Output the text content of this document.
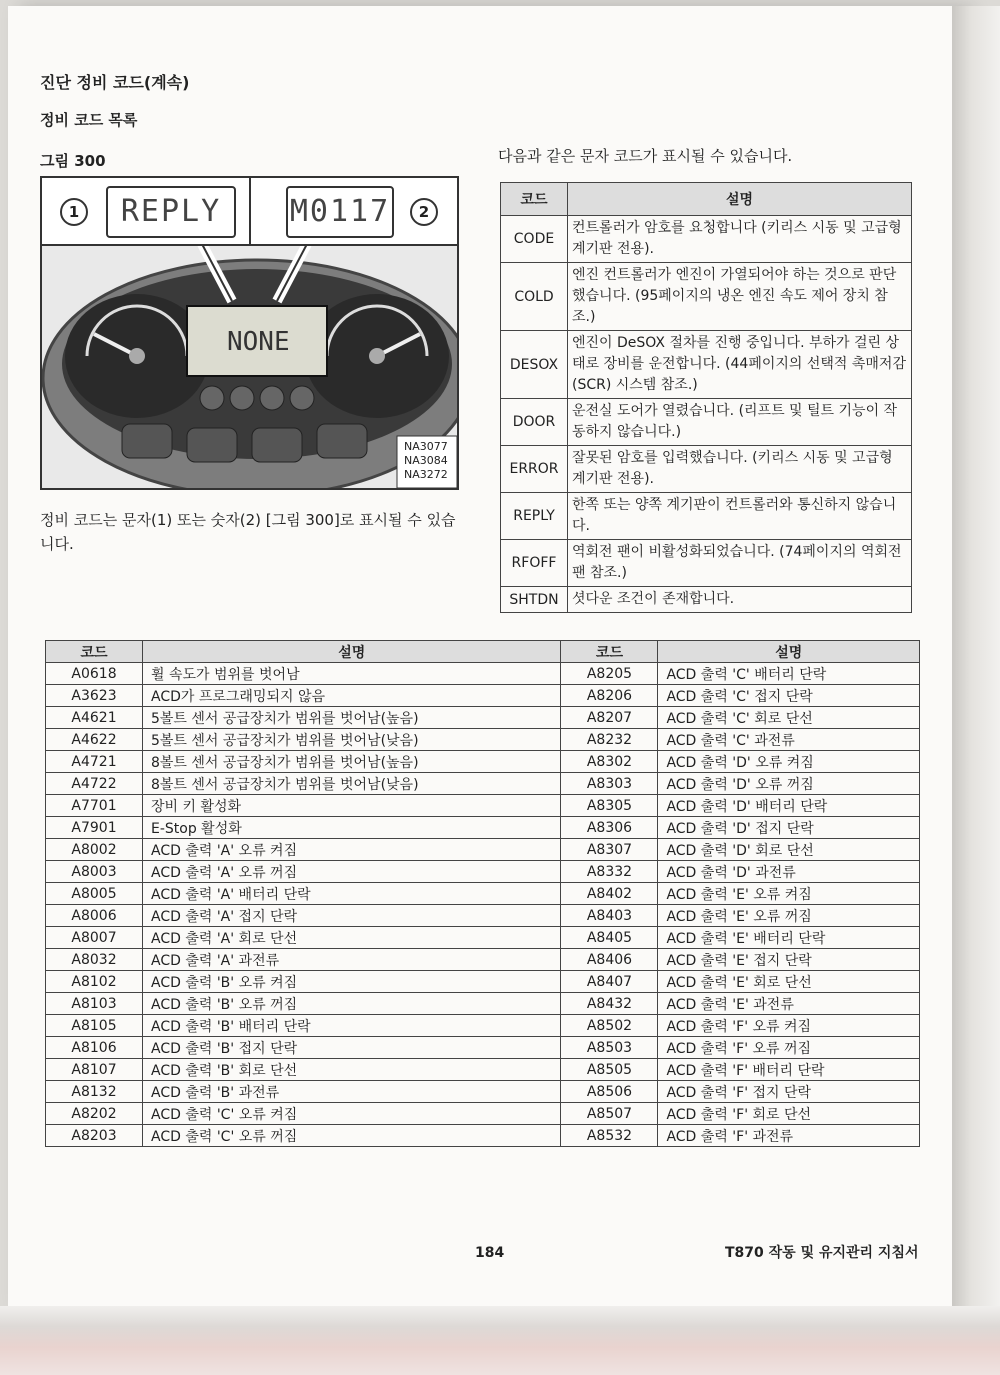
진단 정비 코드(계속)
정비 코드 목록
그림 300
1	REPLY	M0117	2
NONE
NA3077
NA3084
NA3272
다음과 같은 문자 코드가 표시될 수 있습니다.
정비 코드는 문자(1) 또는 숫자(2) [그림 300]로 표시될 수 있습니다.
코드	설명
CODE	컨트롤러가 암호를 요청합니다 (키리스 시동 및 고급형 계기판 전용).
COLD	엔진 컨트롤러가 엔진이 가열되어야 하는 것으로 판단했습니다. (95페이지의 냉온 엔진 속도 제어 장치 참조.)
DESOX	엔진이 DeSOX 절차를 진행 중입니다. 부하가 걸린 상태로 장비를 운전합니다. (44페이지의 선택적 촉매저감(SCR) 시스템 참조.)
DOOR	운전실 도어가 열렸습니다. (리프트 및 틸트 기능이 작동하지 않습니다.)
ERROR	잘못된 암호를 입력했습니다. (키리스 시동 및 고급형 계기판 전용).
REPLY	한쪽 또는 양쪽 계기판이 컨트롤러와 통신하지 않습니다.
RFOFF	역회전 팬이 비활성화되었습니다. (74페이지의 역회전 팬 참조.)
SHTDN	셧다운 조건이 존재합니다.
코드	설명	코드	설명
A0618	휠 속도가 범위를 벗어남	A8205	ACD 출력 'C' 배터리 단락
A3623	ACD가 프로그래밍되지 않음	A8206	ACD 출력 'C' 접지 단락
A4621	5볼트 센서 공급장치가 범위를 벗어남(높음)	A8207	ACD 출력 'C' 회로 단선
A4622	5볼트 센서 공급장치가 범위를 벗어남(낮음)	A8232	ACD 출력 'C' 과전류
A4721	8볼트 센서 공급장치가 범위를 벗어남(높음)	A8302	ACD 출력 'D' 오류 켜짐
A4722	8볼트 센서 공급장치가 범위를 벗어남(낮음)	A8303	ACD 출력 'D' 오류 꺼짐
A7701	장비 키 활성화	A8305	ACD 출력 'D' 배터리 단락
A7901	E-Stop 활성화	A8306	ACD 출력 'D' 접지 단락
A8002	ACD 출력 'A' 오류 켜짐	A8307	ACD 출력 'D' 회로 단선
A8003	ACD 출력 'A' 오류 꺼짐	A8332	ACD 출력 'D' 과전류
A8005	ACD 출력 'A' 배터리 단락	A8402	ACD 출력 'E' 오류 켜짐
A8006	ACD 출력 'A' 접지 단락	A8403	ACD 출력 'E' 오류 꺼짐
A8007	ACD 출력 'A' 회로 단선	A8405	ACD 출력 'E' 배터리 단락
A8032	ACD 출력 'A' 과전류	A8406	ACD 출력 'E' 접지 단락
A8102	ACD 출력 'B' 오류 켜짐	A8407	ACD 출력 'E' 회로 단선
A8103	ACD 출력 'B' 오류 꺼짐	A8432	ACD 출력 'E' 과전류
A8105	ACD 출력 'B' 배터리 단락	A8502	ACD 출력 'F' 오류 켜짐
A8106	ACD 출력 'B' 접지 단락	A8503	ACD 출력 'F' 오류 꺼짐
A8107	ACD 출력 'B' 회로 단선	A8505	ACD 출력 'F' 배터리 단락
A8132	ACD 출력 'B' 과전류	A8506	ACD 출력 'F' 접지 단락
A8202	ACD 출력 'C' 오류 켜짐	A8507	ACD 출력 'F' 회로 단선
A8203	ACD 출력 'C' 오류 꺼짐	A8532	ACD 출력 'F' 과전류
184	T870 작동 및 유지관리 지침서
